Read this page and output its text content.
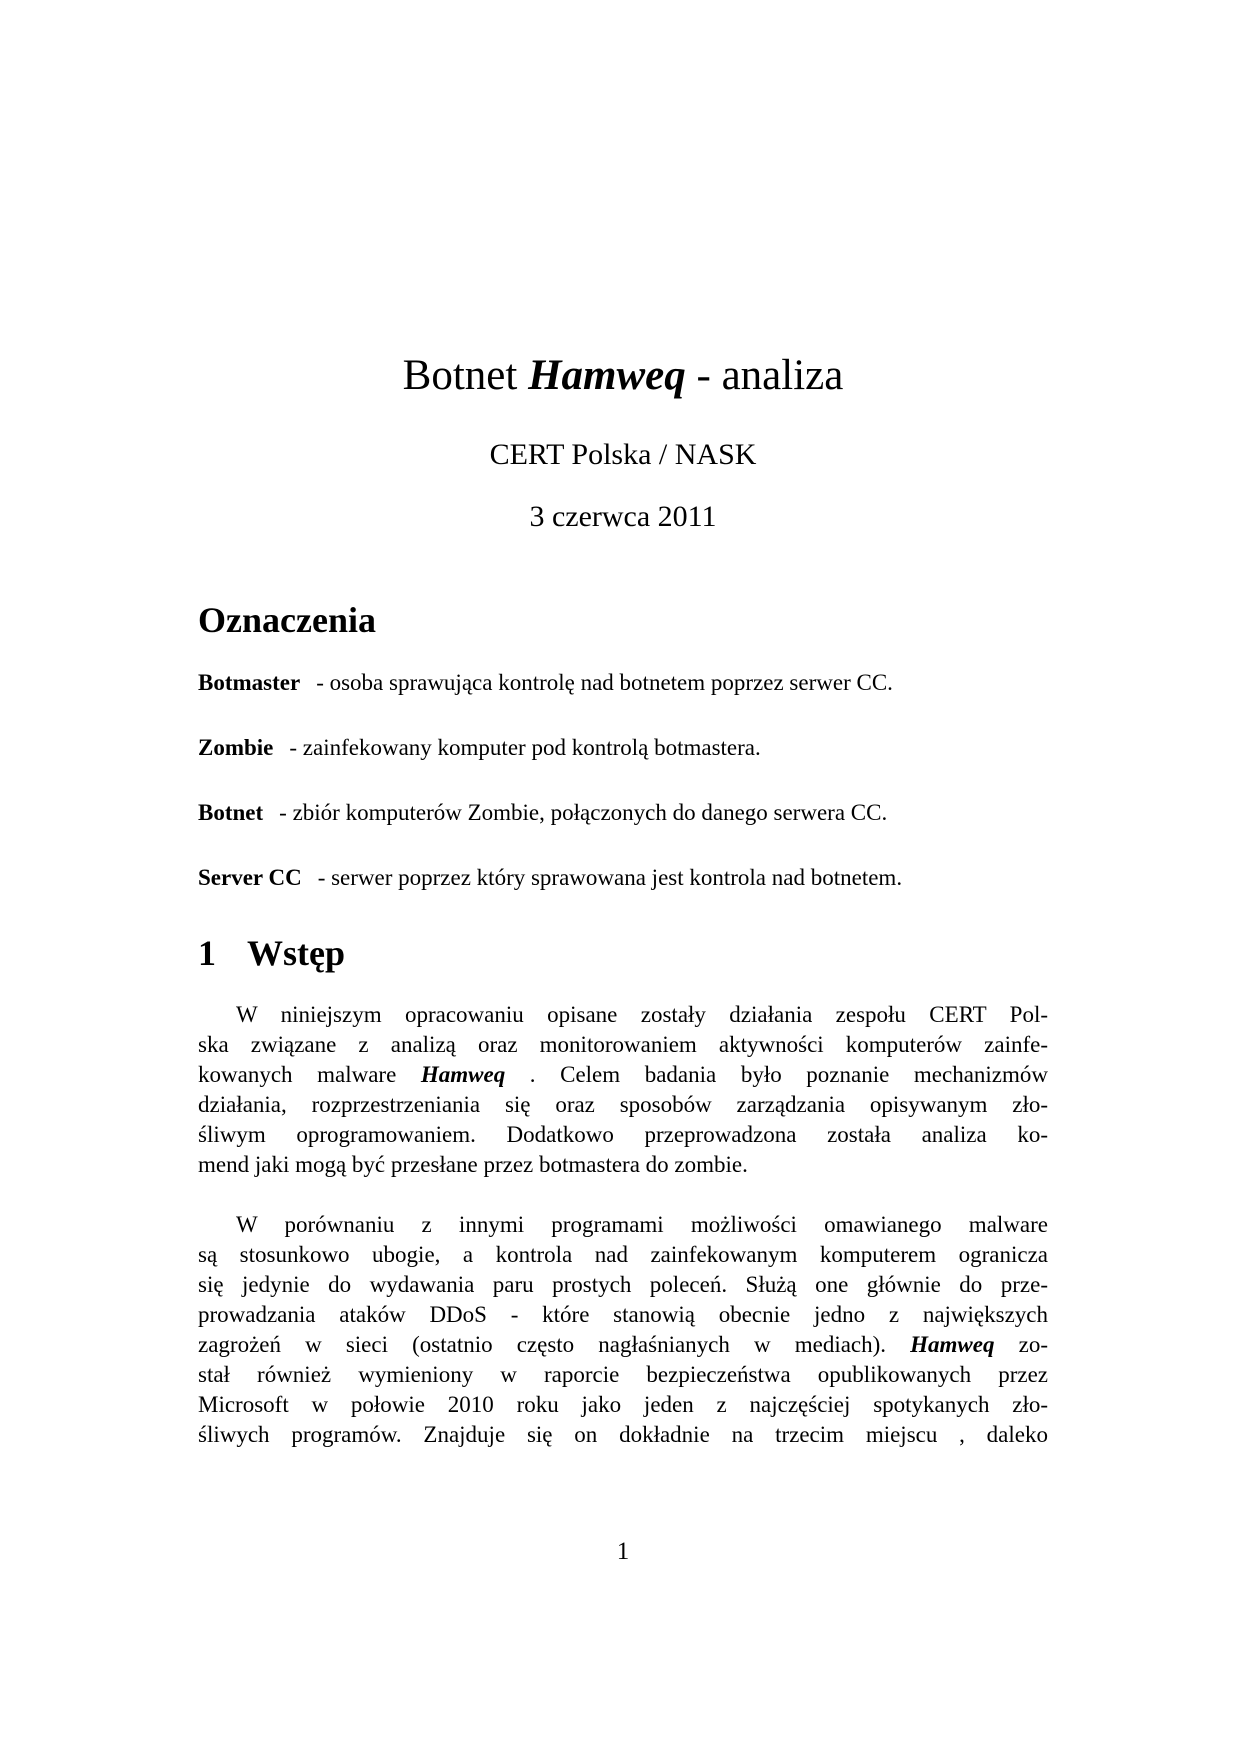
Botnet Hamweq - analiza
CERT Polska / NASK
3 czerwca 2011
Oznaczenia
Botmaster - osoba sprawująca kontrolę nad botnetem poprzez serwer CC.
Zombie - zainfekowany komputer pod kontrolą botmastera.
Botnet - zbiór komputerów Zombie, połączonych do danego serwera CC.
Server CC - serwer poprzez który sprawowana jest kontrola nad botnetem.
1 Wstęp
W niniejszym opracowaniu opisane zostały działania zespołu CERT Pol-
ska związane z analizą oraz monitorowaniem aktywności komputerów zainfe-
kowanych malware Hamweq . Celem badania było poznanie mechanizmów
działania, rozprzestrzeniania się oraz sposobów zarządzania opisywanym zło-
śliwym oprogramowaniem. Dodatkowo przeprowadzona została analiza ko-
mend jaki mogą być przesłane przez botmastera do zombie.
W porównaniu z innymi programami możliwości omawianego malware
są stosunkowo ubogie, a kontrola nad zainfekowanym komputerem ogranicza
się jedynie do wydawania paru prostych poleceń. Służą one głównie do prze-
prowadzania ataków DDoS - które stanowią obecnie jedno z największych
zagrożeń w sieci (ostatnio często nagłaśnianych w mediach). Hamweq zo-
stał również wymieniony w raporcie bezpieczeństwa opublikowanych przez
Microsoft w połowie 2010 roku jako jeden z najczęściej spotykanych zło-
śliwych programów. Znajduje się on dokładnie na trzecim miejscu , daleko
1
